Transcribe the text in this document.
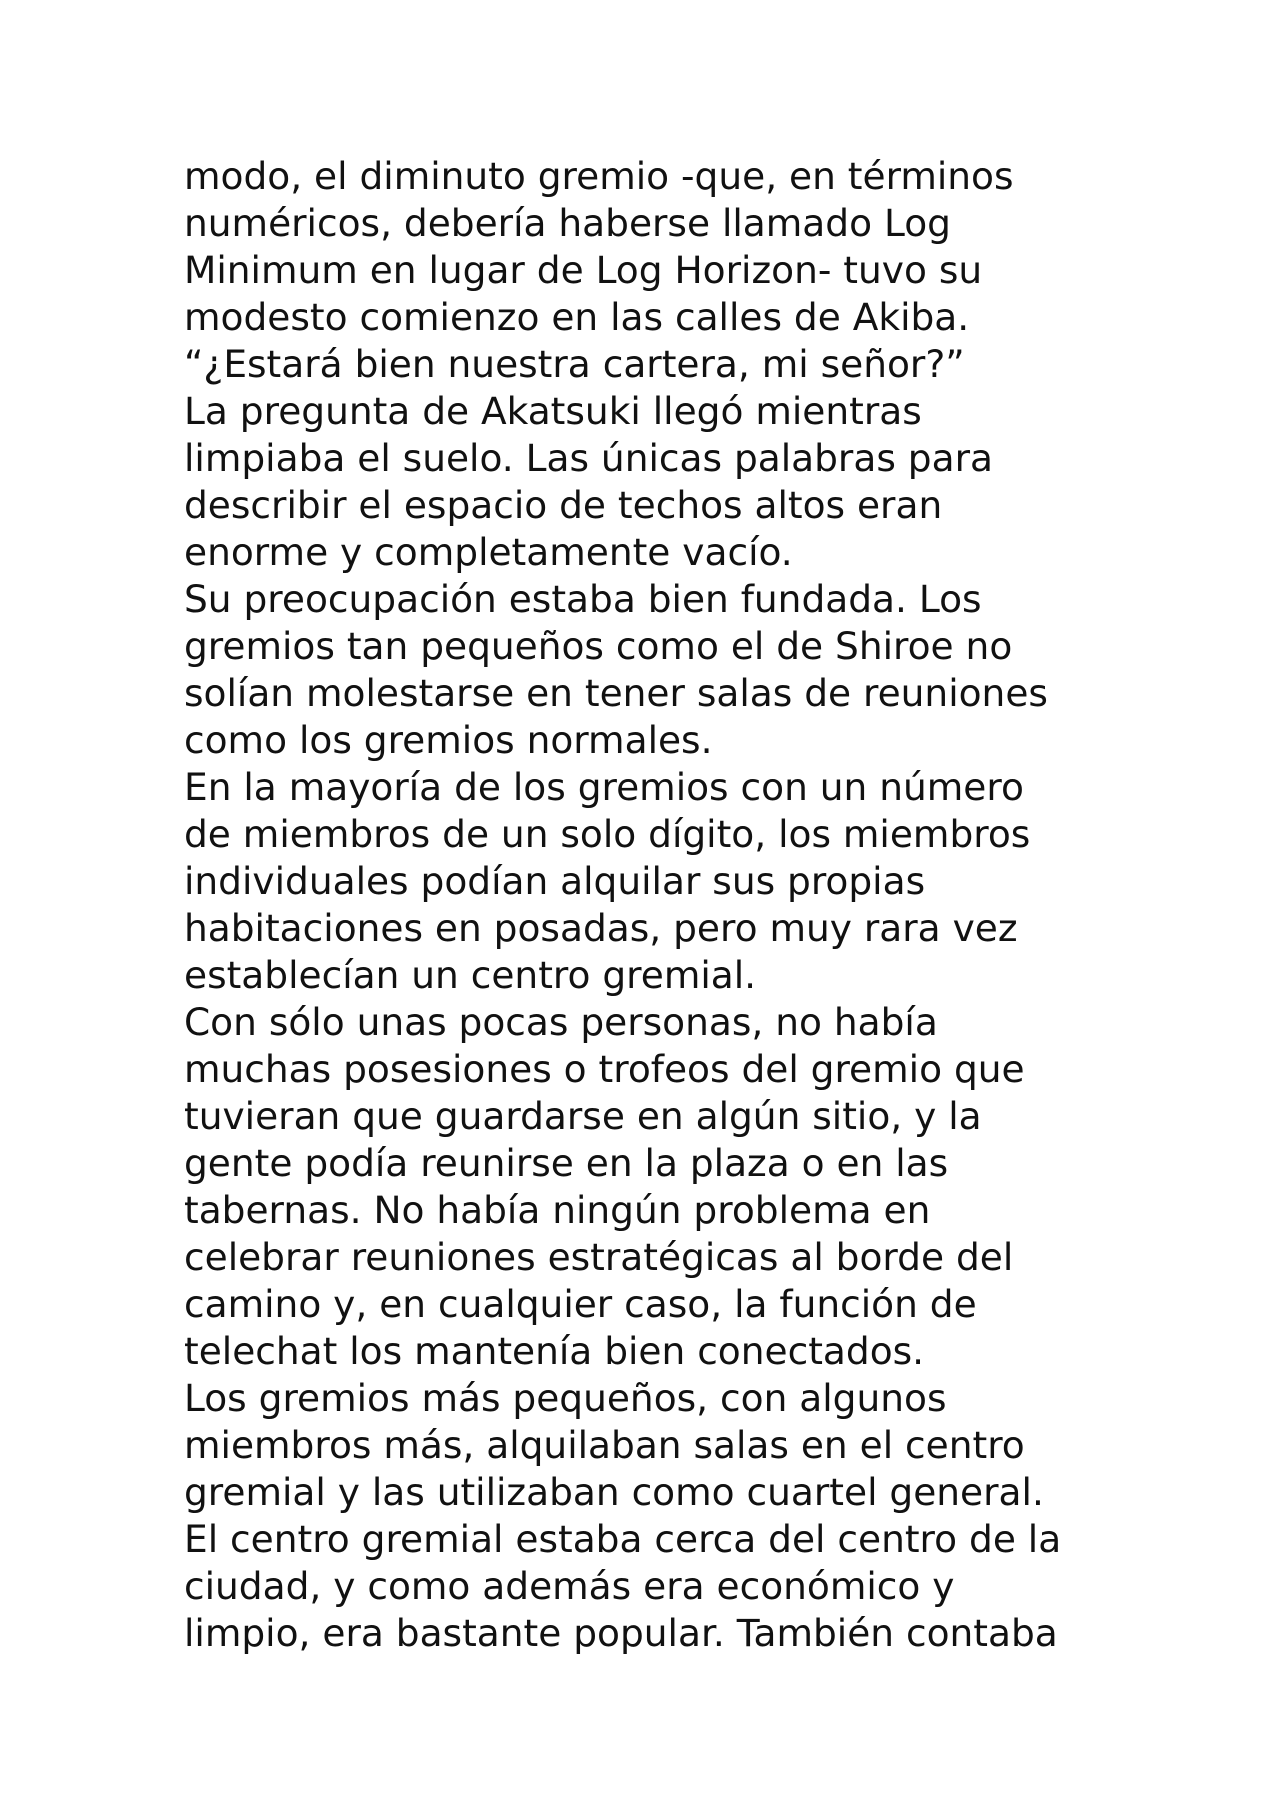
modo, el diminuto gremio -que, en términos
numéricos, debería haberse llamado Log
Minimum en lugar de Log Horizon- tuvo su
modesto comienzo en las calles de Akiba.
“¿Estará bien nuestra cartera, mi señor?”
La pregunta de Akatsuki llegó mientras
limpiaba el suelo. Las únicas palabras para
describir el espacio de techos altos eran
enorme y completamente vacío.
Su preocupación estaba bien fundada. Los
gremios tan pequeños como el de Shiroe no
solían molestarse en tener salas de reuniones
como los gremios normales.
En la mayoría de los gremios con un número
de miembros de un solo dígito, los miembros
individuales podían alquilar sus propias
habitaciones en posadas, pero muy rara vez
establecían un centro gremial.
Con sólo unas pocas personas, no había
muchas posesiones o trofeos del gremio que
tuvieran que guardarse en algún sitio, y la
gente podía reunirse en la plaza o en las
tabernas. No había ningún problema en
celebrar reuniones estratégicas al borde del
camino y, en cualquier caso, la función de
telechat los mantenía bien conectados.
Los gremios más pequeños, con algunos
miembros más, alquilaban salas en el centro
gremial y las utilizaban como cuartel general.
El centro gremial estaba cerca del centro de la
ciudad, y como además era económico y
limpio, era bastante popular. También contaba
